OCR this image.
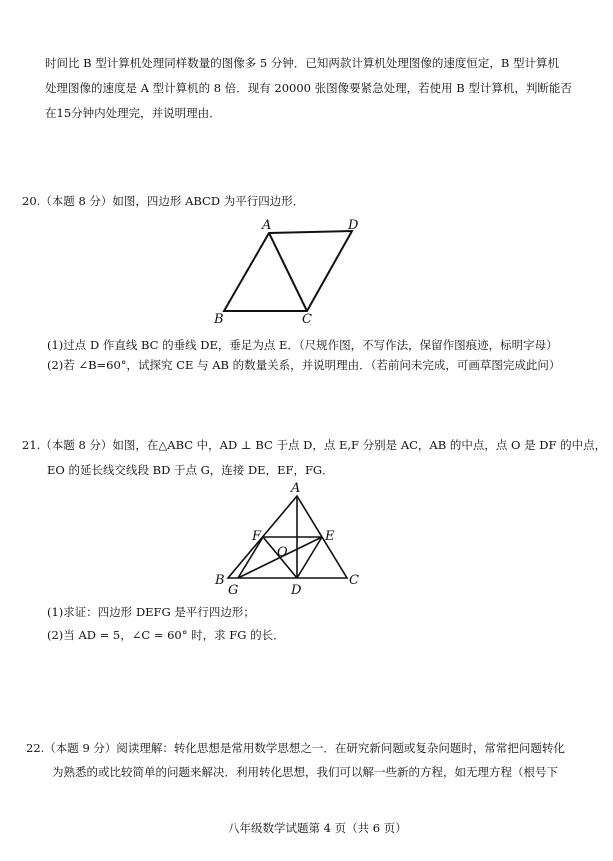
时间比 B 型计算机处理同样数量的图像多 5 分钟．已知两款计算机处理图像的速度恒定，B 型计算机
处理图像的速度是 A 型计算机的 8 倍．现有 20000 张图像要紧急处理，若使用 B 型计算机，判断能否
在15分钟内处理完，并说明理由．
20.（本题 8 分）如图，四边形 ABCD 为平行四边形．
A	D
B	C
(1)过点 D 作直线 BC 的垂线 DE，垂足为点 E．（尺规作图，不写作法，保留作图痕迹，标明字母）
(2)若 ∠B=60°，试探究 CE 与 AB 的数量关系，并说明理由．（若前问未完成，可画草图完成此问）
21.（本题 8 分）如图，在△ABC 中，AD ⊥ BC 于点 D，点 E,F 分别是 AC，AB 的中点，点 O 是 DF 的中点，
EO 的延长线交线段 BD 于点 G，连接 DE，EF，FG．
A
F	E
O
B
G	D
C
(1)求证：四边形 DEFG 是平行四边形；
(2)当 AD = 5，∠C = 60° 时，求 FG 的长．
22.（本题 9 分）阅读理解：转化思想是常用数学思想之一．在研究新问题或复杂问题时，常常把问题转化
为熟悉的或比较简单的问题来解决．利用转化思想，我们可以解一些新的方程，如无理方程（根号下
八年级数学试题第 4 页（共 6 页）
